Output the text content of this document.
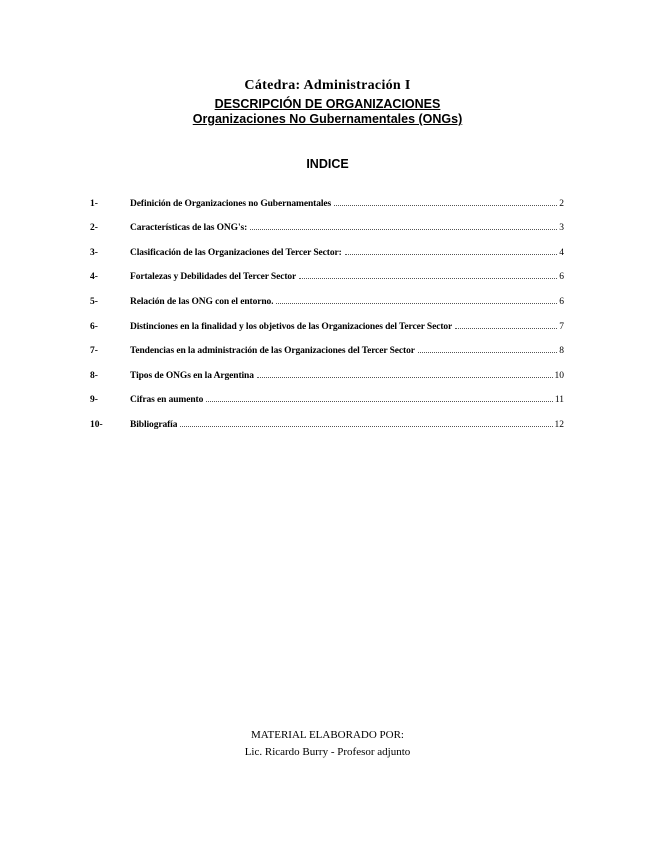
Cátedra: Administración I
DESCRIPCIÓN DE ORGANIZACIONES
Organizaciones No Gubernamentales (ONGs)
INDICE
1-	Definición de Organizaciones no Gubernamentales	2
2-	Características de las ONG's:	3
3-	Clasificación de las Organizaciones del Tercer Sector:	4
4-	Fortalezas y Debilidades del Tercer Sector	6
5-	Relación de las ONG con el entorno.	6
6-	Distinciones en la finalidad y los objetivos de las Organizaciones del Tercer Sector	7
7-	Tendencias en la administración de las Organizaciones del Tercer Sector	8
8-	Tipos de ONGs en la Argentina	10
9-	Cifras en aumento	11
10-	Bibliografía	12
MATERIAL ELABORADO POR:
Lic. Ricardo Burry - Profesor adjunto
